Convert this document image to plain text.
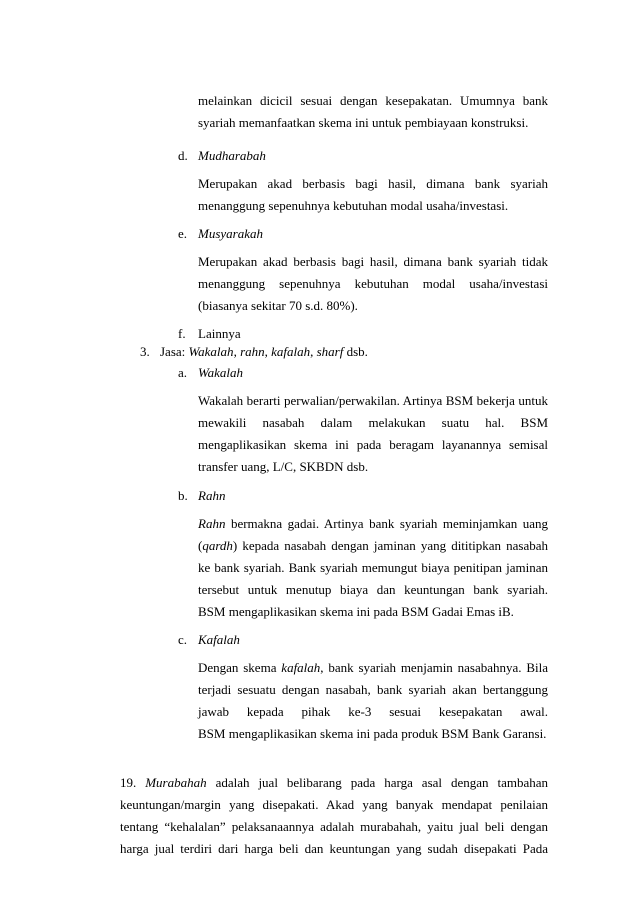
melainkan dicicil sesuai dengan kesepakatan. Umumnya bank
syariah memanfaatkan skema ini untuk pembiayaan konstruksi.
d. Mudharabah
Merupakan akad berbasis bagi hasil, dimana bank syariah
menanggung sepenuhnya kebutuhan modal usaha/investasi.
e. Musyarakah
Merupakan akad berbasis bagi hasil, dimana bank syariah tidak
menanggung sepenuhnya kebutuhan modal usaha/investasi
(biasanya sekitar 70 s.d. 80%).
f. Lainnya
3. Jasa: Wakalah, rahn, kafalah, sharf dsb.
a. Wakalah
Wakalah berarti perwalian/perwakilan. Artinya BSM bekerja untuk
mewakili nasabah dalam melakukan suatu hal. BSM
mengaplikasikan skema ini pada beragam layanannya semisal
transfer uang, L/C, SKBDN dsb.
b. Rahn
Rahn bermakna gadai. Artinya bank syariah meminjamkan uang
(qardh) kepada nasabah dengan jaminan yang dititipkan nasabah
ke bank syariah. Bank syariah memungut biaya penitipan jaminan
tersebut untuk menutup biaya dan keuntungan bank syariah.
BSM mengaplikasikan skema ini pada BSM Gadai Emas iB.
c. Kafalah
Dengan skema kafalah, bank syariah menjamin nasabahnya. Bila
terjadi sesuatu dengan nasabah, bank syariah akan bertanggung
jawab kepada pihak ke-3 sesuai kesepakatan awal.
BSM mengaplikasikan skema ini pada produk BSM Bank Garansi.
19. Murabahah adalah jual belibarang pada harga asal dengan tambahan
keuntungan/margin yang disepakati. Akad yang banyak mendapat penilaian
tentang “kehalalan” pelaksanaannya adalah murabahah, yaitu jual beli dengan
harga jual terdiri dari harga beli dan keuntungan yang sudah disepakati Pada
